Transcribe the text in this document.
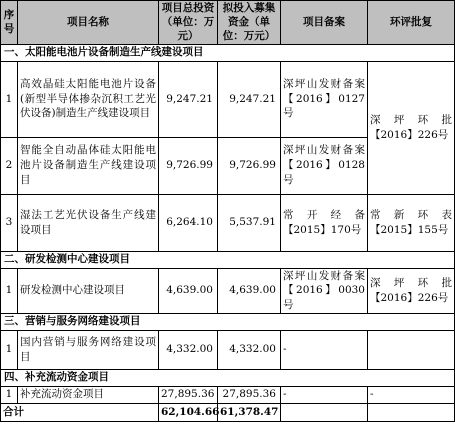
序号	项目名称	项目总投资（单位：万元）	拟投入募集资金（单位：万元）	项目备案	环评批复
一、太阳能电池片设备制造生产线建设项目					
1	高效晶硅太阳能电池片设备(新型半导体掺杂沉积工艺光伏设备)制造生产线建设项目	9,247.21	9,247.21	深坪山发财备案【2016】0127号	深坪环批【2016】226号
2	智能全自动晶体硅太阳能电池片设备制造生产线建设项目	9,726.99	9,726.99	深坪山发财备案【2016】0128号	
3	湿法工艺光伏设备生产线建设项目	6,264.10	5,537.91	常开经备【2015】170号	常新环表【2015】155号
二、研发检测中心建设项目					
1	研发检测中心建设项目	4,639.00	4,639.00	深坪山发财备案【2016】0030号	深坪环批【2016】226号
三、营销与服务网络建设项目					
1	国内营销与服务网络建设项目	4,332.00	4,332.00	-	
四、补充流动资金项目					
1	补充流动资金项目	27,895.36	27,895.36	-	-
合计		62,104.66	61,378.47		
